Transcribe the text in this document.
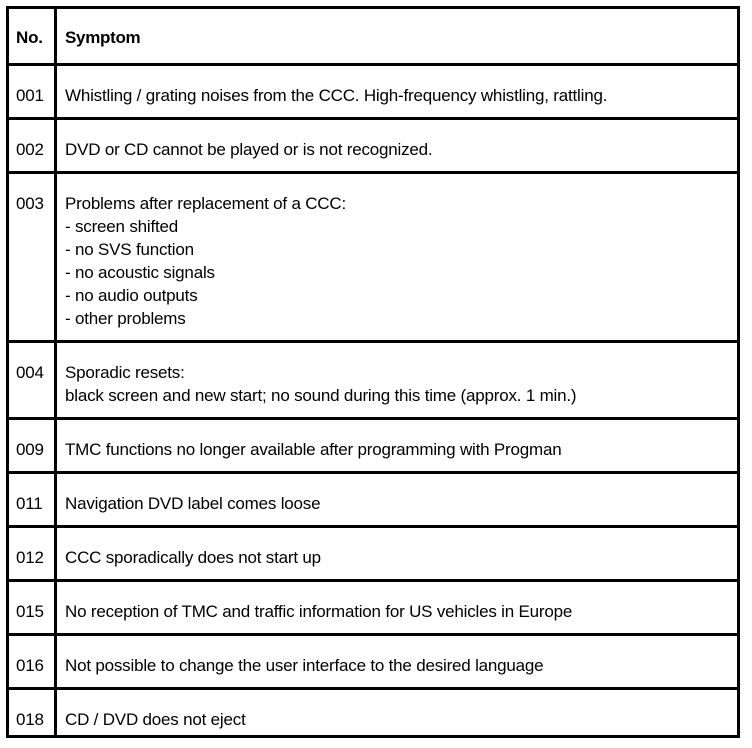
No.	Symptom
001	Whistling / grating noises from the CCC. High-frequency whistling, rattling.
002	DVD or CD cannot be played or is not recognized.
003	Problems after replacement of a CCC:
- screen shifted
- no SVS function
- no acoustic signals
- no audio outputs
- other problems
004	Sporadic resets:
black screen and new start; no sound during this time (approx. 1 min.)
009	TMC functions no longer available after programming with Progman
011	Navigation DVD label comes loose
012	CCC sporadically does not start up
015	No reception of TMC and traffic information for US vehicles in Europe
016	Not possible to change the user interface to the desired language
018	CD / DVD does not eject
